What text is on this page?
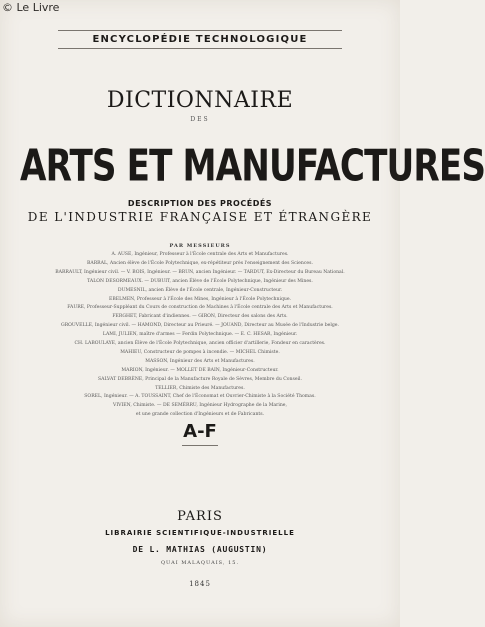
© Le Livre
ENCYCLOPÉDIE TECHNOLOGIQUE
DICTIONNAIRE
DES
ARTS ET MANUFACTURES
DESCRIPTION DES PROCÉDÉS
DE L'INDUSTRIE FRANÇAISE ET ÉTRANGÈRE
PAR MESSIEURS
A. AUSE, Ingénieur, Professeur à l'École centrale des Arts et Manufactures.
BARRAL, Ancien élève de l'École Polytechnique, ex-répétiteur près l'enseignement des Sciences.
BARRAULT, Ingénieur civil. — V. BOIS, Ingénieur. — BRUN, ancien Ingénieur. — TARDUT, Ex-Directeur du Bureau National.
TALON DESORMEAUX. — DUBUIT, ancien Élève de l'École Polytechnique, Ingénieur des Mines.
DUMESNIL, ancien Élève de l'École centrale, Ingénieur-Constructeur.
EBELMEN, Professeur à l'École des Mines, Ingénieur à l'École Polytechnique.
FAURE, Professeur-Suppléant du Cours de construction de Machines à l'École centrale des Arts et Manufactures.
FERGHET, Fabricant d'indiennes. — GIRON, Directeur des salons des Arts.
GROUVELLE, Ingénieur civil. — HAMOND, Directeur au Prieuré. — JOUAND, Directeur au Musée de l'Industrie belge.
LAMI, JULIEN, maître d'armes — Ferdin Polytechnique. — E. C. HESAR, Ingénieur.
CH. LABOULAYE, ancien Élève de l'École Polytechnique, ancien officier d'artillerie, Fondeur en caractères.
MAHIEU, Constructeur de pompes à incendie. — MICHEL Chimiste.
MASSON, Ingénieur des Arts et Manufactures.
MARION, Ingénieur. — MOLLET DE BAIN, Ingénieur-Constructeur.
SALVAT DEBRÈNE, Principal de la Manufacture Royale de Sèvres, Membre du Conseil.
TELLIER, Chimiste des Manufactures.
SOREL, Ingénieur. — A. TOUSSAINT, Chef de l'Économat et Ouvrier-Chimiste à la Société Thomas.
VIVIEN, Chimiste. — DE SEMÉRRU, Ingénieur Hydrographe de la Marine,
et une grande collection d'Ingénieurs et de Fabricants.
A-F
PARIS
LIBRAIRIE SCIENTIFIQUE-INDUSTRIELLE
DE L. MATHIAS (AUGUSTIN)
QUAI MALAQUAIS, 15.
1845
